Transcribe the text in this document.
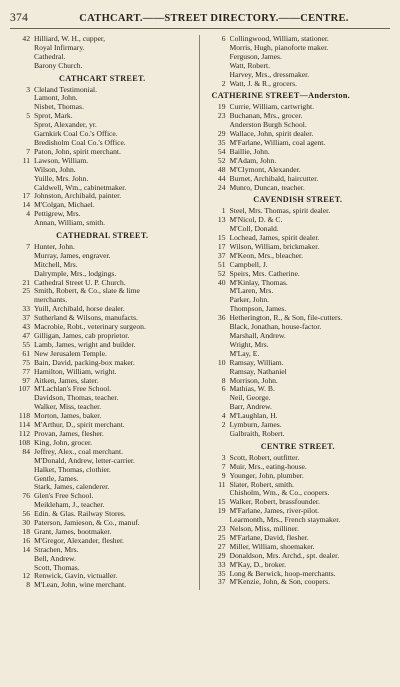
374	CATHCART.——STREET DIRECTORY.——CENTRE.
42 Hilliard, W. H., cupper,
Royal Infirmary.
Cathedral.
Barony Church.
CATHCART STREET.
3 Cleland Testimonial.
Lamont, John.
Nisbet, Thomas.
5 Sprot, Mark.
Sprot, Alexander, yr.
Garnkirk Coal Co.'s Office.
Bredisholm Coal Co.'s Office.
7 Paton, John, spirit merchant.
11 Lawson, William.
Wilson, John.
Yuille, Mrs. John.
Caldwell, Wm., cabinetmaker.
17 Johnston, Archibald, painter.
14 M'Colgan, Michael.
4 Pettigrew, Mrs.
Annan, William, smith.
CATHEDRAL STREET.
7 Hunter, John.
Murray, James, engraver.
Mitchell, Mrs.
Dalrymple, Mrs., lodgings.
21 Cathedral Street U. P. Church.
25 Smith, Robert, & Co., slate & lime
merchants.
33 Yuill, Archibald, horse dealer.
37 Sutherland & Wilsons, manufacts.
43 Macrobie, Robt., veterinary surgeon.
47 Gilligan, James, cab proprietor.
55 Lamb, James, wright and builder.
61 New Jerusalem Temple.
75 Bain, David, packing-box maker.
77 Hamilton, William, wright.
97 Aitken, James, slater.
107 M'Lachlan's Free School.
Davidson, Thomas, teacher.
Walker, Miss, teacher.
118 Morton, James, baker.
114 M'Arthur, D., spirit merchant.
112 Provan, James, flesher.
108 King, John, grocer.
84 Jeffrey, Alex., coal merchant.
M'Donald, Andrew, letter-carrier.
Halket, Thomas, clothier.
Gentle, James.
Stark, James, calenderer.
76 Glen's Free School.
Meikleham, J., teacher.
56 Edin. & Glas. Railway Stores.
30 Paterson, Jamieson, & Co., manuf.
18 Grant, James, bootmaker.
16 M'Gregor, Alexander, flesher.
14 Strachen, Mrs.
Bell, Andrew.
Scott, Thomas.
12 Renwick, Gavin, victualler.
8 M'Lean, John, wine merchant.
6 Collingwood, William, stationer.
Morris, Hugh, pianoforte maker.
Ferguson, James.
Watt, Robert.
Harvey, Mrs., dressmaker.
2 Watt, J. & R., grocers.
CATHERINE STREET—Anderston.
19 Currie, William, cartwright.
23 Buchanan, Mrs., grocer.
Anderston Burgh School.
29 Wallace, John, spirit dealer.
35 M'Farlane, William, coal agent.
54 Baillie, John.
52 M'Adam, John.
48 M'Clymont, Alexander.
44 Burnet, Archibald, haircutter.
24 Munro, Duncan, teacher.
CAVENDISH STREET.
1 Steel, Mrs. Thomas, spirit dealer.
13 M'Nicol, D. & C.
M'Coll, Donald.
15 Lochead, James, spirit dealer.
17 Wilson, William, brickmaker.
37 M'Keon, Mrs., bleacher.
51 Campbell, J.
52 Speirs, Mrs. Catherine.
40 M'Kinlay, Thomas.
M'Laren, Mrs.
Parker, John.
Thompson, James.
36 Hetherington, R., & Son, file-cutters.
Black, Jonathan, house-factor.
Marshall, Andrew.
Wright, Mrs.
M'Lay, E.
10 Ramsay, William.
Ramsay, Nathaniel
8 Morrison, John.
6 Mathias, W. B.
Neil, George.
Barr, Andrew.
4 M'Laughlan, H.
2 Lymburn, James.
Galbraith, Robert.
CENTRE STREET.
3 Scott, Robert, outfitter.
7 Muir, Mrs., eating-house.
9 Younger, John, plumber.
11 Slater, Robert, smith.
Chisholm, Wm., & Co., coopers.
15 Walker, Robert, brassfounder.
19 M'Farlane, James, river-pilot.
Learmonth, Mrs., French staymaker.
23 Nelson, Miss, milliner.
25 M'Farlane, David, flesher.
27 Miller, William, shoemaker.
29 Donaldson, Mrs. Archd., spt. dealer.
33 M'Kay, D., broker.
35 Long & Berwick, hoop-merchants.
37 M'Kenzie, John, & Son, coopers.
